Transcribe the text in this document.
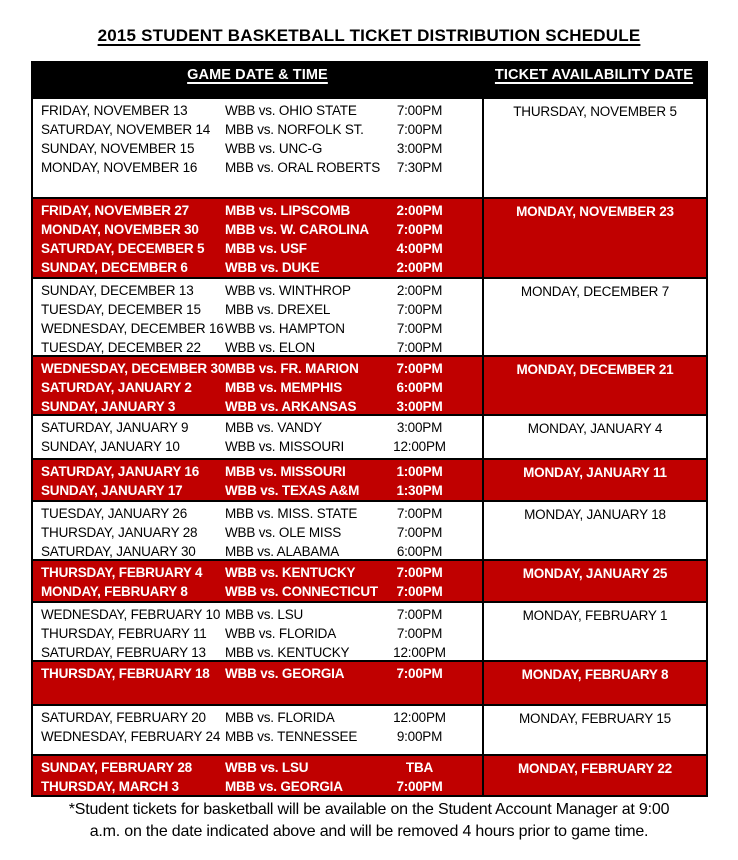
2015 STUDENT BASKETBALL TICKET DISTRIBUTION SCHEDULE
GAME DATE & TIME	TICKET AVAILABILITY DATE
FRIDAY, NOVEMBER 13	WBB vs. OHIO STATE	7:00PM
SATURDAY, NOVEMBER 14	MBB vs. NORFOLK ST.	7:00PM
SUNDAY, NOVEMBER 15	WBB vs. UNC-G	3:00PM
MONDAY, NOVEMBER 16	MBB vs. ORAL ROBERTS	7:30PM
THURSDAY, NOVEMBER 5
FRIDAY, NOVEMBER 27	MBB vs. LIPSCOMB	2:00PM
MONDAY, NOVEMBER 30	MBB vs. W. CAROLINA	7:00PM
SATURDAY, DECEMBER 5	MBB vs. USF	4:00PM
SUNDAY, DECEMBER 6	WBB vs. DUKE	2:00PM
MONDAY, NOVEMBER 23
SUNDAY, DECEMBER 13	WBB vs. WINTHROP	2:00PM
TUESDAY, DECEMBER 15	MBB vs. DREXEL	7:00PM
WEDNESDAY, DECEMBER 16 WBB vs. HAMPTON	7:00PM
TUESDAY, DECEMBER 22	WBB vs. ELON	7:00PM
MONDAY, DECEMBER 7
WEDNESDAY, DECEMBER 30 MBB vs. FR. MARION	7:00PM
SATURDAY, JANUARY 2	MBB vs. MEMPHIS	6:00PM
SUNDAY, JANUARY 3	WBB vs. ARKANSAS	3:00PM
MONDAY, DECEMBER 21
SATURDAY, JANUARY 9	MBB vs. VANDY	3:00PM
SUNDAY, JANUARY 10	WBB vs. MISSOURI	12:00PM
MONDAY, JANUARY 4
SATURDAY, JANUARY 16	MBB vs. MISSOURI	1:00PM
SUNDAY, JANUARY 17	WBB vs. TEXAS A&M	1:30PM
MONDAY, JANUARY 11
TUESDAY, JANUARY 26	MBB vs. MISS. STATE	7:00PM
THURSDAY, JANUARY 28	WBB vs. OLE MISS	7:00PM
SATURDAY, JANUARY 30	MBB vs. ALABAMA	6:00PM
MONDAY, JANUARY 18
THURSDAY, FEBRUARY 4	WBB vs. KENTUCKY	7:00PM
MONDAY, FEBRUARY 8	WBB vs. CONNECTICUT	7:00PM
MONDAY, JANUARY 25
WEDNESDAY, FEBRUARY 10 MBB vs. LSU	7:00PM
THURSDAY, FEBRUARY 11	WBB vs. FLORIDA	7:00PM
SATURDAY, FEBRUARY 13	MBB vs. KENTUCKY	12:00PM
MONDAY, FEBRUARY 1
THURSDAY, FEBRUARY 18	WBB vs. GEORGIA	7:00PM	MONDAY, FEBRUARY 8
SATURDAY, FEBRUARY 20	MBB vs. FLORIDA	12:00PM
WEDNESDAY, FEBRUARY 24 MBB vs. TENNESSEE	9:00PM
MONDAY, FEBRUARY 15
SUNDAY, FEBRUARY 28	WBB vs. LSU	TBA
THURSDAY, MARCH 3	MBB vs. GEORGIA	7:00PM
MONDAY, FEBRUARY 22
*Student tickets for basketball will be available on the Student Account Manager at 9:00
a.m. on the date indicated above and will be removed 4 hours prior to game time.
